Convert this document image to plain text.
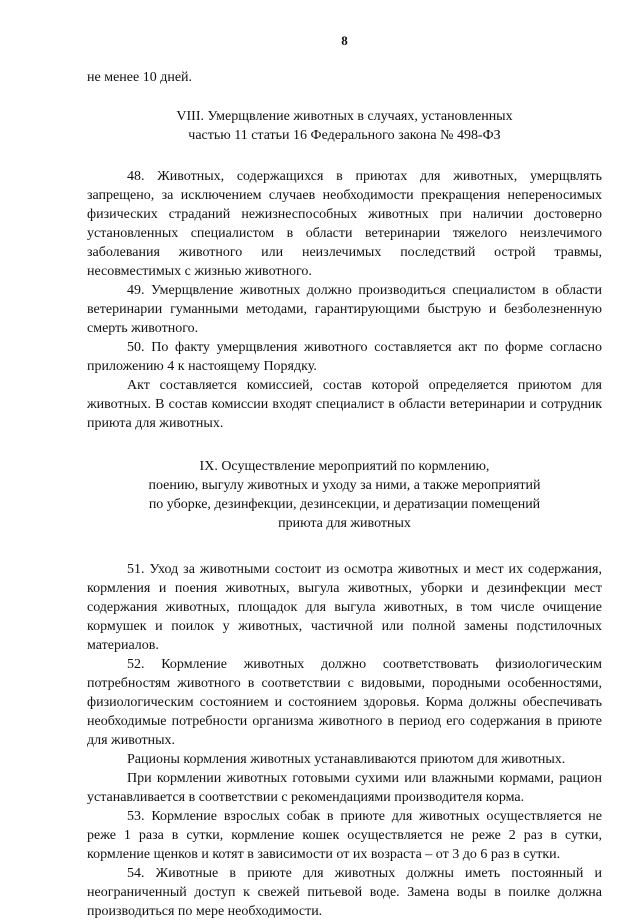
8

не менее 10 дней.

VIII. Умерщвление животных в случаях, установленных
частью 11 статьи 16 Федерального закона № 498-ФЗ

48. Животных, содержащихся в приютах для животных, умерщвлять запрещено, за исключением случаев необходимости прекращения непереносимых физических страданий нежизнеспособных животных при наличии достоверно установленных специалистом в области ветеринарии тяжелого неизлечимого заболевания животного или неизлечимых последствий острой травмы, несовместимых с жизнью животного.

49. Умерщвление животных должно производиться специалистом в области ветеринарии гуманными методами, гарантирующими быструю и безболезненную смерть животного.

50. По факту умерщвления животного составляется акт по форме согласно приложению 4 к настоящему Порядку.

Акт составляется комиссией, состав которой определяется приютом для животных. В состав комиссии входят специалист в области ветеринарии и сотрудник приюта для животных.

IX. Осуществление мероприятий по кормлению,
поению, выгулу животных и уходу за ними, а также мероприятий
по уборке, дезинфекции, дезинсекции, и дератизации помещений
приюта для животных

51. Уход за животными состоит из осмотра животных и мест их содержания, кормления и поения животных, выгула животных, уборки и дезинфекции мест содержания животных, площадок для выгула животных, в том числе очищение кормушек и поилок у животных, частичной или полной замены подстилочных материалов.

52. Кормление животных должно соответствовать физиологическим потребностям животного в соответствии с видовыми, породными особенностями, физиологическим состоянием и состоянием здоровья. Корма должны обеспечивать необходимые потребности организма животного в период его содержания в приюте для животных.

Рационы кормления животных устанавливаются приютом для животных.

При кормлении животных готовыми сухими или влажными кормами, рацион устанавливается в соответствии с рекомендациями производителя корма.

53. Кормление взрослых собак в приюте для животных осуществляется не реже 1 раза в сутки, кормление кошек осуществляется не реже 2 раз в сутки, кормление щенков и котят в зависимости от их возраста – от 3 до 6 раз в сутки.

54. Животные в приюте для животных должны иметь постоянный и неограниченный доступ к свежей питьевой воде. Замена воды в поилке должна производиться по мере необходимости.
